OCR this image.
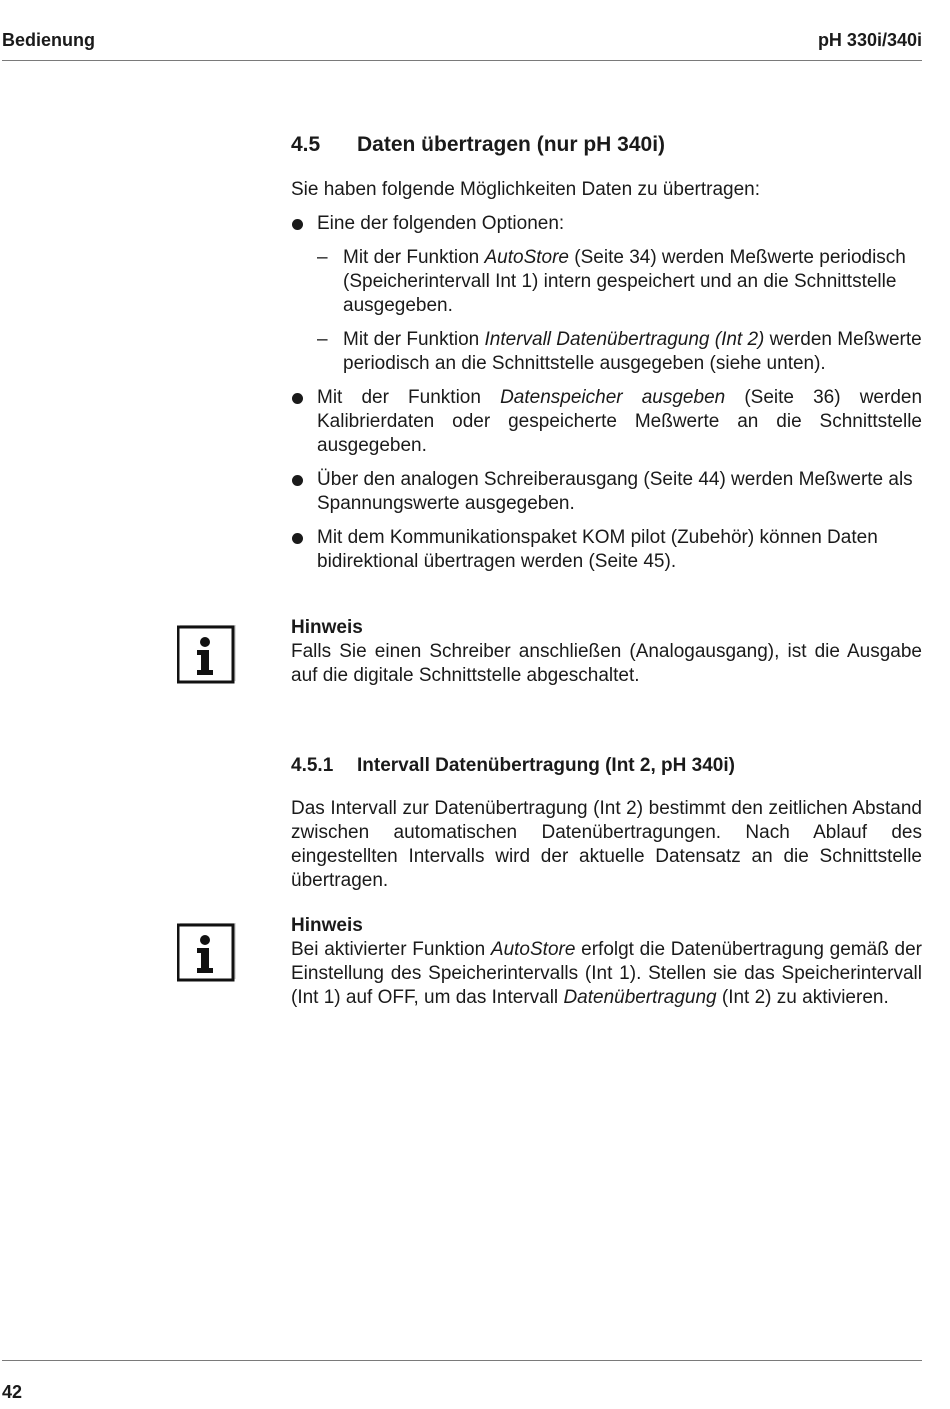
Bedienung	pH 330i/340i
4.5 Daten übertragen (nur pH 340i)

Sie haben folgende Möglichkeiten Daten zu übertragen:

Eine der folgenden Optionen:
– Mit der Funktion AutoStore (Seite 34) werden Meßwerte periodisch (Speicherintervall Int 1) intern gespeichert und an die Schnittstelle ausgegeben.
– Mit der Funktion Intervall Datenübertragung (Int 2) werden Meßwerte periodisch an die Schnittstelle ausgegeben (siehe unten).
Mit der Funktion Datenspeicher ausgeben (Seite 36) werden Kalibrierdaten oder gespeicherte Meßwerte an die Schnittstelle ausgegeben.
Über den analogen Schreiberausgang (Seite 44) werden Meßwerte als Spannungswerte ausgegeben.
Mit dem Kommunikationspaket KOM pilot (Zubehör) können Daten bidirektional übertragen werden (Seite 45).

Hinweis

Falls Sie einen Schreiber anschließen (Analogausgang), ist die Ausgabe auf die digitale Schnittstelle abgeschaltet.

4.5.1 Intervall Datenübertragung (Int 2, pH 340i)

Das Intervall zur Datenübertragung (Int 2) bestimmt den zeitlichen Abstand zwischen automatischen Datenübertragungen. Nach Ablauf des eingestellten Intervalls wird der aktuelle Datensatz an die Schnittstelle übertragen.

Hinweis

Bei aktivierter Funktion AutoStore erfolgt die Datenübertragung gemäß der Einstellung des Speicherintervalls (Int 1). Stellen sie das Speicherintervall (Int 1) auf OFF, um das Intervall Datenübertragung (Int 2) zu aktivieren.

42
